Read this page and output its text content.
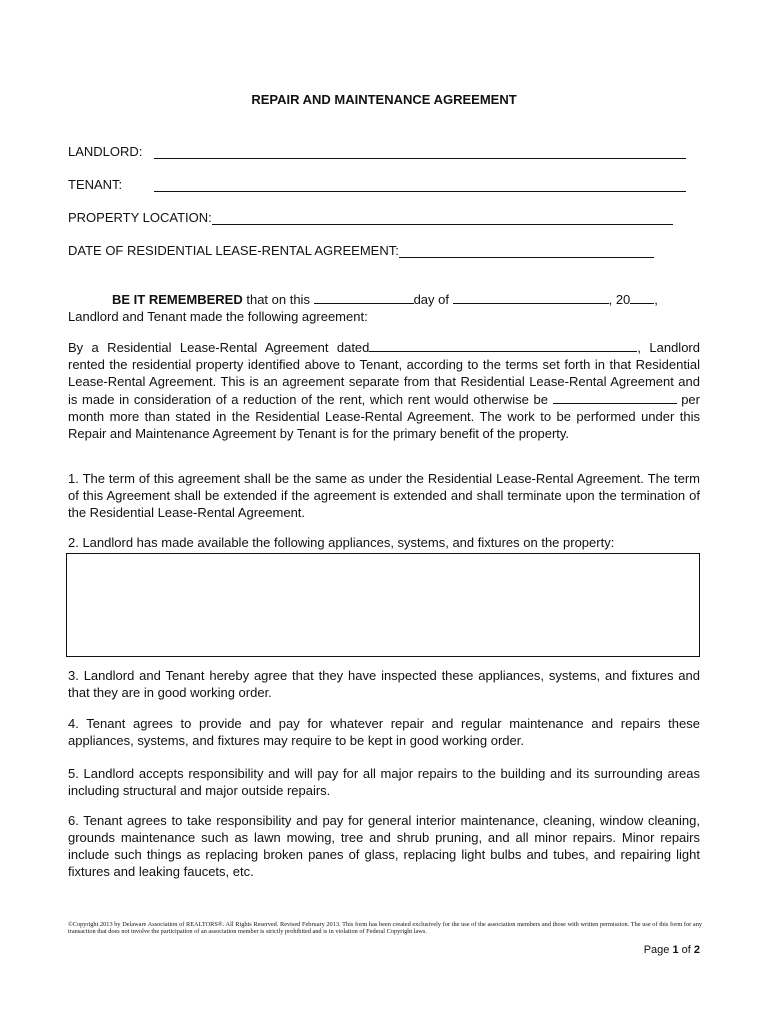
REPAIR AND MAINTENANCE AGREEMENT
LANDLORD:
TENANT:
PROPERTY LOCATION:
DATE OF RESIDENTIAL LEASE-RENTAL AGREEMENT:

BE IT REMEMBERED that on this	day of	, 20 ,
Landlord and Tenant made the following agreement:

By a Residential Lease-Rental Agreement dated	, Landlord rented the residential property identified above to Tenant, according to the terms set forth in that Residential Lease-Rental Agreement. This is an agreement separate from that Residential Lease-Rental Agreement and is made in consideration of a reduction of the rent, which rent would otherwise be	per month more than stated in the Residential Lease-Rental Agreement. The work to be performed under this Repair and Maintenance Agreement by Tenant is for the primary benefit of the property.

1. The term of this agreement shall be the same as under the Residential Lease-Rental Agreement. The term of this Agreement shall be extended if the agreement is extended and shall terminate upon the termination of the Residential Lease-Rental Agreement.

2. Landlord has made available the following appliances, systems, and fixtures on the property:

3. Landlord and Tenant hereby agree that they have inspected these appliances, systems, and fixtures and that they are in good working order.

4. Tenant agrees to provide and pay for whatever repair and regular maintenance and repairs these appliances, systems, and fixtures may require to be kept in good working order.

5. Landlord accepts responsibility and will pay for all major repairs to the building and its surrounding areas including structural and major outside repairs.

6. Tenant agrees to take responsibility and pay for general interior maintenance, cleaning, window cleaning, grounds maintenance such as lawn mowing, tree and shrub pruning, and all minor repairs. Minor repairs include such things as replacing broken panes of glass, replacing light bulbs and tubes, and repairing light fixtures and leaking faucets, etc.

©Copyright 2013 by Delaware Association of REALTORS®. All Rights Reserved. Revised February 2013. This form has been created exclusively for the use of the association members and those with written permission. The use of this form for any transaction that does not involve the participation of an association member is strictly prohibited and is in violation of Federal Copyright laws.
Page 1 of 2
